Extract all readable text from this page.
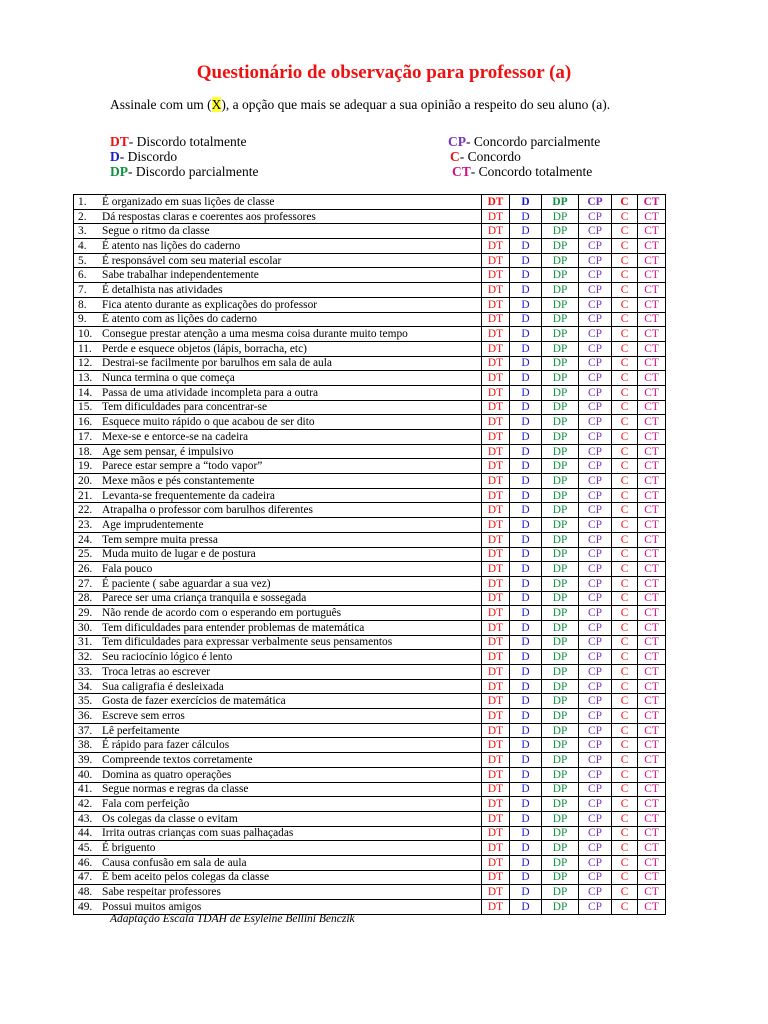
Questionário de observação para professor (a)
Assinale com um (X), a opção que mais se adequar a sua opinião a respeito do seu aluno (a).
DT- Discordo totalmente
D- Discordo
DP- Discordo parcialmente
CP- Concordo parcialmente
C- Concordo
CT- Concordo totalmente
1. É organizado em suas lições de classe	DT	D	DP	CP	C	CT
2. Dá respostas claras e coerentes aos professores	DT	D	DP	CP	C	CT
3. Segue o ritmo da classe	DT	D	DP	CP	C	CT
4. É atento nas lições do caderno	DT	D	DP	CP	C	CT
5. É responsável com seu material escolar	DT	D	DP	CP	C	CT
6. Sabe trabalhar independentemente	DT	D	DP	CP	C	CT
7. É detalhista nas atividades	DT	D	DP	CP	C	CT
8. Fica atento durante as explicações do professor	DT	D	DP	CP	C	CT
9. É atento com as lições do caderno	DT	D	DP	CP	C	CT
10. Consegue prestar atenção a uma mesma coisa durante muito tempo	DT	D	DP	CP	C	CT
11. Perde e esquece objetos (lápis, borracha, etc)	DT	D	DP	CP	C	CT
12. Destrai-se facilmente por barulhos em sala de aula	DT	D	DP	CP	C	CT
13. Nunca termina o que começa	DT	D	DP	CP	C	CT
14. Passa de uma atividade incompleta para a outra	DT	D	DP	CP	C	CT
15. Tem dificuldades para concentrar-se	DT	D	DP	CP	C	CT
16. Esquece muito rápido o que acabou de ser dito	DT	D	DP	CP	C	CT
17. Mexe-se e entorce-se na cadeira	DT	D	DP	CP	C	CT
18. Age sem pensar, é impulsivo	DT	D	DP	CP	C	CT
19. Parece estar sempre a “todo vapor”	DT	D	DP	CP	C	CT
20. Mexe mãos e pés constantemente	DT	D	DP	CP	C	CT
21. Levanta-se frequentemente da cadeira	DT	D	DP	CP	C	CT
22. Atrapalha o professor com barulhos diferentes	DT	D	DP	CP	C	CT
23. Age imprudentemente	DT	D	DP	CP	C	CT
24. Tem sempre muita pressa	DT	D	DP	CP	C	CT
25. Muda muito de lugar e de postura	DT	D	DP	CP	C	CT
26. Fala pouco	DT	D	DP	CP	C	CT
27. É paciente ( sabe aguardar a sua vez)	DT	D	DP	CP	C	CT
28. Parece ser uma criança tranquila e sossegada	DT	D	DP	CP	C	CT
29. Não rende de acordo com o esperando em português	DT	D	DP	CP	C	CT
30. Tem dificuldades para entender problemas de matemática	DT	D	DP	CP	C	CT
31. Tem dificuldades para expressar verbalmente seus pensamentos	DT	D	DP	CP	C	CT
32. Seu raciocínio lógico é lento	DT	D	DP	CP	C	CT
33. Troca letras ao escrever	DT	D	DP	CP	C	CT
34. Sua caligrafia é desleixada	DT	D	DP	CP	C	CT
35. Gosta de fazer exercícios de matemática	DT	D	DP	CP	C	CT
36. Escreve sem erros	DT	D	DP	CP	C	CT
37. Lê perfeitamente	DT	D	DP	CP	C	CT
38. É rápido para fazer cálculos	DT	D	DP	CP	C	CT
39. Compreende textos corretamente	DT	D	DP	CP	C	CT
40. Domina as quatro operações	DT	D	DP	CP	C	CT
41. Segue normas e regras da classe	DT	D	DP	CP	C	CT
42. Fala com perfeição	DT	D	DP	CP	C	CT
43. Os colegas da classe o evitam	DT	D	DP	CP	C	CT
44. Irrita outras crianças com suas palhaçadas	DT	D	DP	CP	C	CT
45. É briguento	DT	D	DP	CP	C	CT
46. Causa confusão em sala de aula	DT	D	DP	CP	C	CT
47. É bem aceito pelos colegas da classe	DT	D	DP	CP	C	CT
48. Sabe respeitar professores	DT	D	DP	CP	C	CT
49. Possui muitos amigos	DT	D	DP	CP	C	CT
Adaptação Escala TDAH de Esyleine Bellini Benczik
